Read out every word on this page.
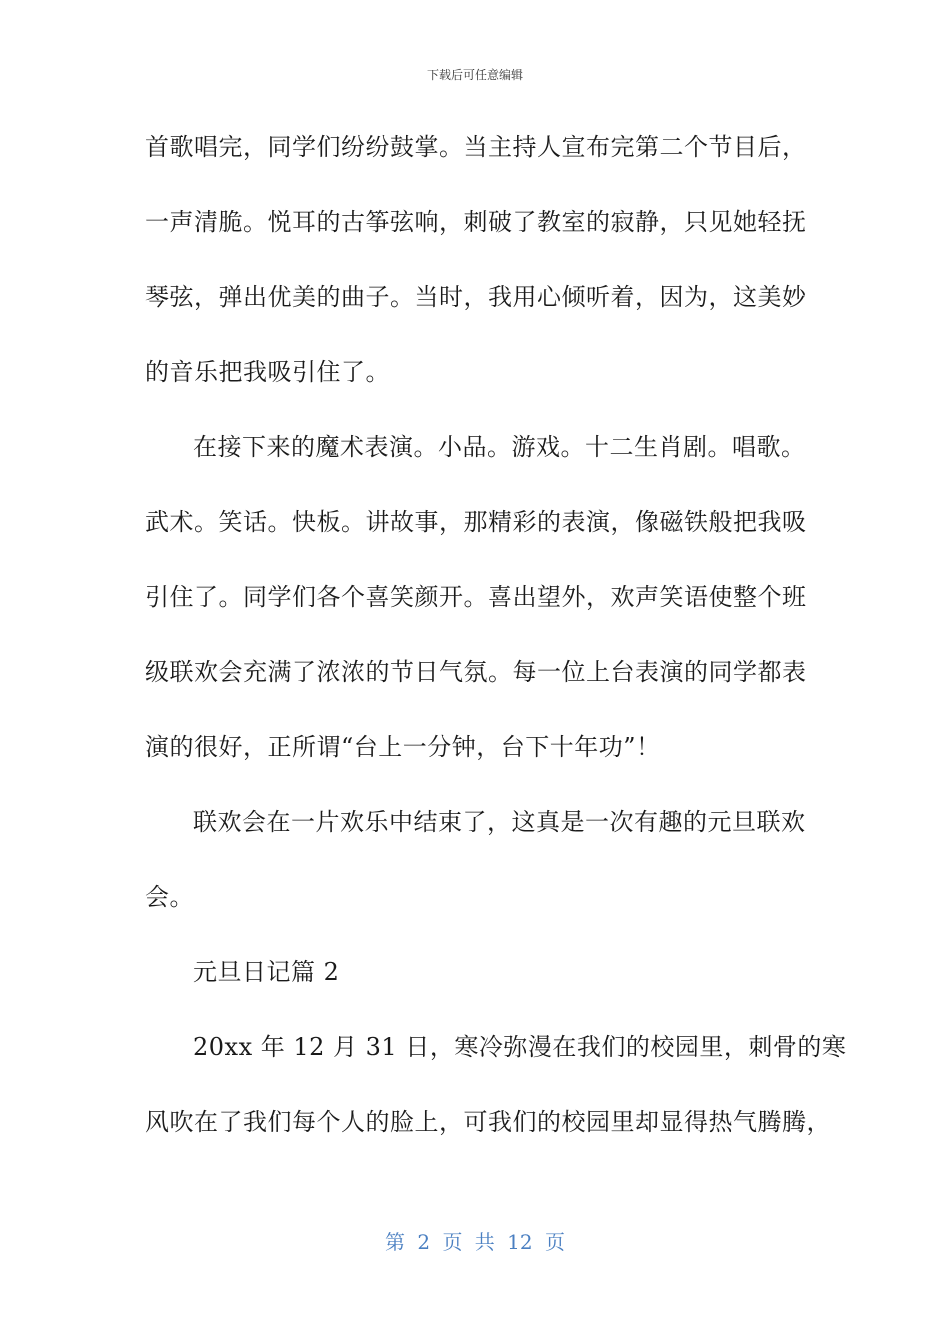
下载后可任意编辑
首歌唱完，同学们纷纷鼓掌。当主持人宣布完第二个节目后，
一声清脆。悦耳的古筝弦响，刺破了教室的寂静，只见她轻抚
琴弦，弹出优美的曲子。当时，我用心倾听着，因为，这美妙
的音乐把我吸引住了。
在接下来的魔术表演。小品。游戏。十二生肖剧。唱歌。
武术。笑话。快板。讲故事，那精彩的表演，像磁铁般把我吸
引住了。同学们各个喜笑颜开。喜出望外，欢声笑语使整个班
级联欢会充满了浓浓的节日气氛。每一位上台表演的同学都表
演的很好，正所谓“台上一分钟，台下十年功”！
联欢会在一片欢乐中结束了，这真是一次有趣的元旦联欢
会。
元旦日记篇 2
20xx 年 12 月 31 日，寒冷弥漫在我们的校园里，刺骨的寒
风吹在了我们每个人的脸上，可我们的校园里却显得热气腾腾，
第 2 页 共 12 页
